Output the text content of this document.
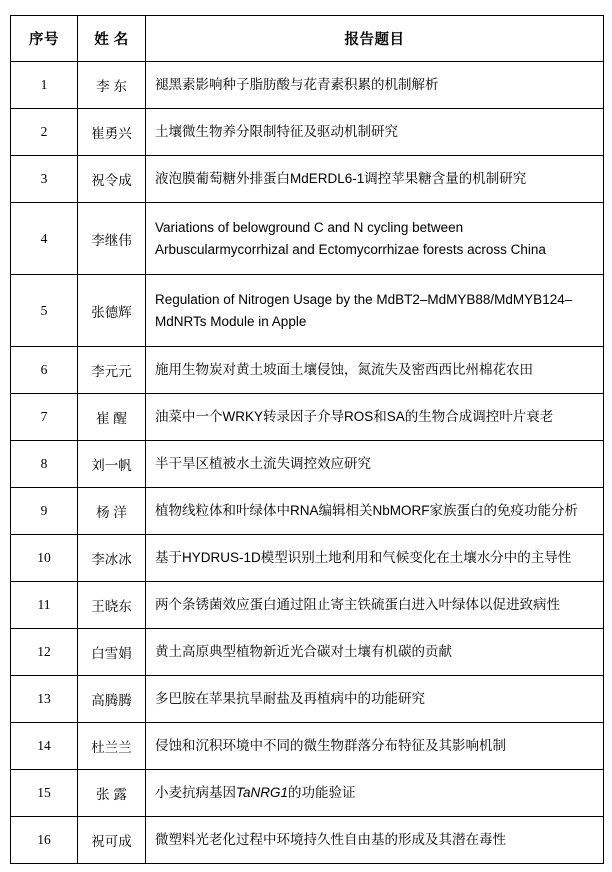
序号	姓 名	报告题目
1	李 东	褪黑素影响种子脂肪酸与花青素积累的机制解析
2	崔勇兴	土壤微生物养分限制特征及驱动机制研究
3	祝令成	液泡膜葡萄糖外排蛋白MdERDL6-1调控苹果糖含量的机制研究
4	李继伟	Variations of belowground C and N cycling between
Arbuscularmycorrhizal and Ectomycorrhizae forests across China

5	张德辉	Regulation of Nitrogen Usage by the MdBT2–MdMYB88/MdMYB124–
MdNRTs Module in Apple

6	李元元	施用生物炭对黄土坡面土壤侵蚀，氮流失及密西西比州棉花农田
7	崔 醒	油菜中一个WRKY转录因子介导ROS和SA的生物合成调控叶片衰老
8	刘一帆	半干旱区植被水土流失调控效应研究
9	杨 洋	植物线粒体和叶绿体中RNA编辑相关NbMORF家族蛋白的免疫功能分析
10	李冰冰	基于HYDRUS-1D模型识别土地利用和气候变化在土壤水分中的主导性
11	王晓东	两个条锈菌效应蛋白通过阻止寄主铁硫蛋白进入叶绿体以促进致病性
12	白雪娟	黄土高原典型植物新近光合碳对土壤有机碳的贡献
13	高腾腾	多巴胺在苹果抗旱耐盐及再植病中的功能研究
14	杜兰兰	侵蚀和沉积环境中不同的微生物群落分布特征及其影响机制
15	张 露	小麦抗病基因TaNRG1的功能验证
16	祝可成	微塑料光老化过程中环境持久性自由基的形成及其潜在毒性
